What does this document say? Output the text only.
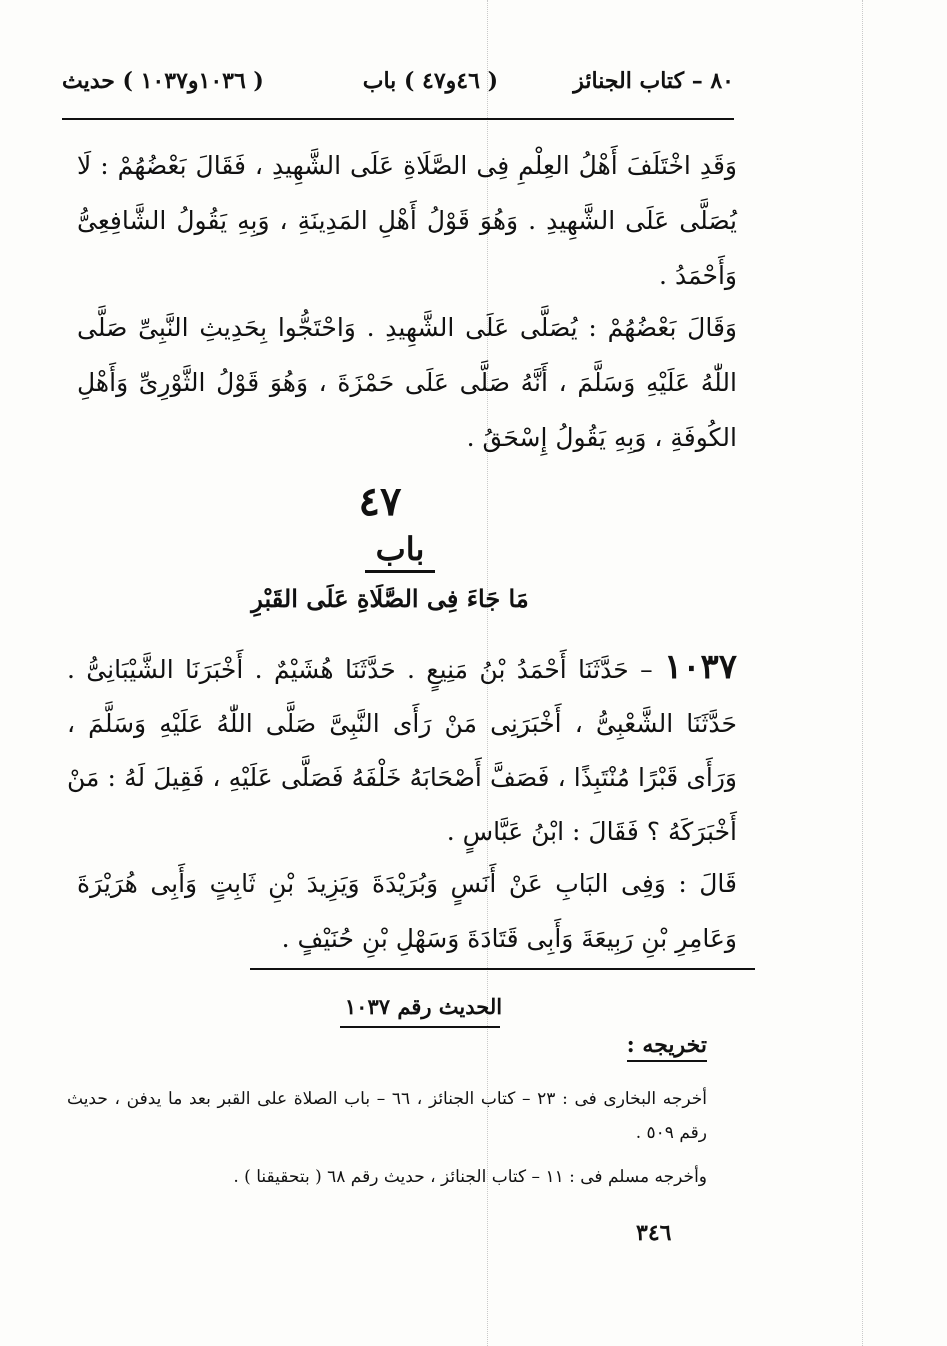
٨٠ – كتاب الجنائز
( ٤٦و٤٧ ) باب
( ١٠٣٦و١٠٣٧ ) حديث
وَقَدِ اخْتَلَفَ أَهْلُ العِلْمِ فِى الصَّلَاةِ عَلَى الشَّهِيدِ ، فَقَالَ بَعْضُهُمْ : لَا يُصَلَّى عَلَى الشَّهِيدِ . وَهُوَ قَوْلُ أَهْلِ المَدِينَةِ ، وَبِهِ يَقُولُ الشَّافِعِىُّ وَأَحْمَدُ .
وَقَالَ بَعْضُهُمْ : يُصَلَّى عَلَى الشَّهِيدِ . وَاحْتَجُّوا بِحَدِيثِ النَّبِىِّ صَلَّى اللّٰهُ عَلَيْهِ وَسَلَّمَ ، أَنَّهُ صَلَّى عَلَى حَمْزَةَ ، وَهُوَ قَوْلُ الثَّوْرِىِّ وَأَهْلِ الكُوفَةِ ، وَبِهِ يَقُولُ إِسْحَقُ .
٤٧
باب
مَا جَاءَ فِى الصَّلَاةِ عَلَى القَبْرِ
١٠٣٧ – حَدَّثَنَا أَحْمَدُ بْنُ مَنِيعٍ . حَدَّثَنَا هُشَيْمٌ . أَخْبَرَنَا الشَّيْبَانِىُّ . حَدَّثَنَا الشَّعْبِىُّ ، أَخْبَرَنِى مَنْ رَأَى النَّبِىَّ صَلَّى اللّٰهُ عَلَيْهِ وَسَلَّمَ ، وَرَأَى قَبْرًا مُنْتَبِذًا ، فَصَفَّ أَصْحَابَهُ خَلْفَهُ فَصَلَّى عَلَيْهِ ، فَقِيلَ لَهُ : مَنْ أَخْبَرَكَهُ ؟ فَقَالَ : ابْنُ عَبَّاسٍ .
قَالَ : وَفِى البَابِ عَنْ أَنَسٍ وَبُرَيْدَةَ وَيَزِيدَ بْنِ ثَابِتٍ وَأَبِى هُرَيْرَةَ وَعَامِرِ بْنِ رَبِيعَةَ وَأَبِى قَتَادَةَ وَسَهْلِ بْنِ حُنَيْفٍ .
الحديث رقم ١٠٣٧
تخريجه :
أخرجه البخارى فى : ٢٣ – كتاب الجنائز ، ٦٦ – باب الصلاة على القبر بعد ما يدفن ، حديث رقم ٥٠٩ .
وأخرجه مسلم فى : ١١ – كتاب الجنائز ، حديث رقم ٦٨ ( بتحقيقنا ) .
٣٤٦
